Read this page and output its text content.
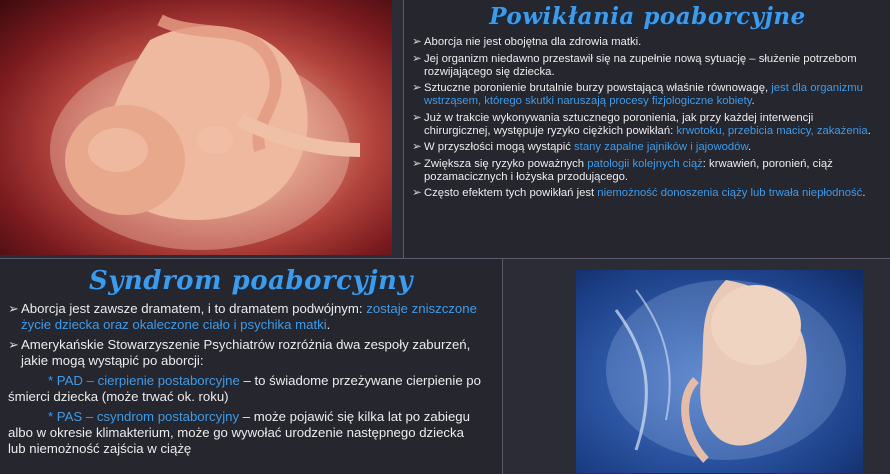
Powikłania poaborcyjne
➢ Aborcja nie jest obojętna dla zdrowia matki.
➢ Jej organizm niedawno przestawił się na zupełnie nową sytuację – służenie potrzebom rozwijającego się dziecka.
➢ Sztuczne poronienie brutalnie burzy powstającą właśnie równowagę, jest dla organizmu wstrząsem, którego skutki naruszają procesy fizjologiczne kobiety.
➢ Już w trakcie wykonywania sztucznego poronienia, jak przy każdej interwencji chirurgicznej, występuje ryzyko ciężkich powikłań: krwotoku, przebicia macicy, zakażenia.
➢ W przyszłości mogą wystąpić stany zapalne jajników i jajowodów.
➢ Zwiększa się ryzyko poważnych patologii kolejnych ciąż: krwawień, poronień, ciąż pozamacicznych i łożyska przodującego.
➢ Często efektem tych powikłań jest niemożność donoszenia ciąży lub trwała niepłodność.
Syndrom poaborcyjny
➢ Aborcja jest zawsze dramatem, i to dramatem podwójnym: zostaje zniszczone życie dziecka oraz okaleczone ciało i psychika matki.
➢ Amerykańskie Stowarzyszenie Psychiatrów rozróżnia dwa zespoły zaburzeń, jakie mogą wystąpić po aborcji:
* PAD – cierpienie postaborcyjne – to świadome przeżywane cierpienie po śmierci dziecka (może trwać ok. roku)
* PAS – csyndrom postaborcyjny – może pojawić się kilka lat po zabiegu albo w okresie klimakterium, może go wywołać urodzenie następnego dziecka lub niemożność zajścia w ciążę
